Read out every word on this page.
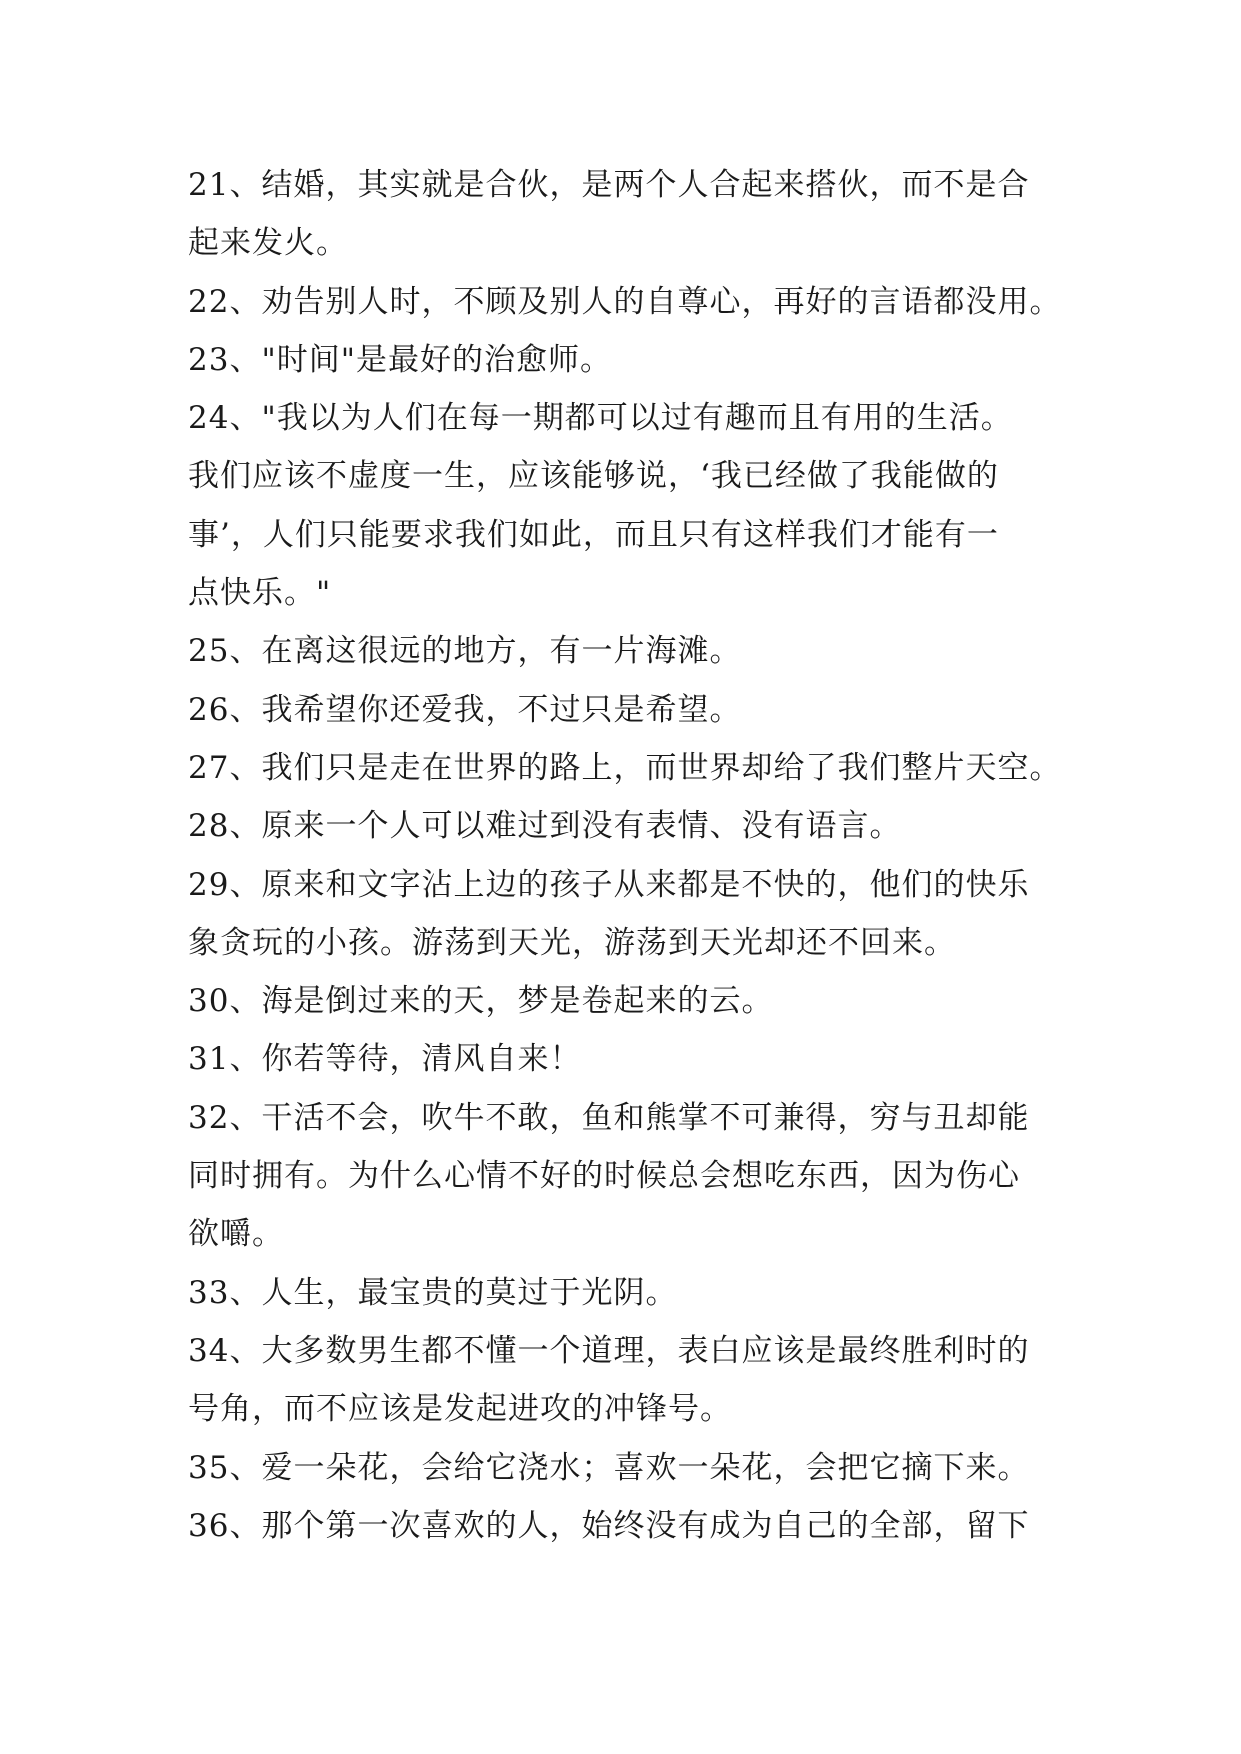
21、结婚，其实就是合伙，是两个人合起来搭伙，而不是合
起来发火。
22、劝告别人时，不顾及别人的自尊心，再好的言语都没用。
23、"时间"是最好的治愈师。
24、"我以为人们在每一期都可以过有趣而且有用的生活。
我们应该不虚度一生，应该能够说，‘我已经做了我能做的
事’，人们只能要求我们如此，而且只有这样我们才能有一
点快乐。"
25、在离这很远的地方，有一片海滩。
26、我希望你还爱我，不过只是希望。
27、我们只是走在世界的路上，而世界却给了我们整片天空。
28、原来一个人可以难过到没有表情、没有语言。
29、原来和文字沾上边的孩子从来都是不快的，他们的快乐
象贪玩的小孩。游荡到天光，游荡到天光却还不回来。
30、海是倒过来的天，梦是卷起来的云。
31、你若等待，清风自来！
32、干活不会，吹牛不敢，鱼和熊掌不可兼得，穷与丑却能
同时拥有。为什么心情不好的时候总会想吃东西，因为伤心
欲嚼。
33、人生，最宝贵的莫过于光阴。
34、大多数男生都不懂一个道理，表白应该是最终胜利时的
号角，而不应该是发起进攻的冲锋号。
35、爱一朵花，会给它浇水；喜欢一朵花，会把它摘下来。
36、那个第一次喜欢的人，始终没有成为自己的全部，留下
